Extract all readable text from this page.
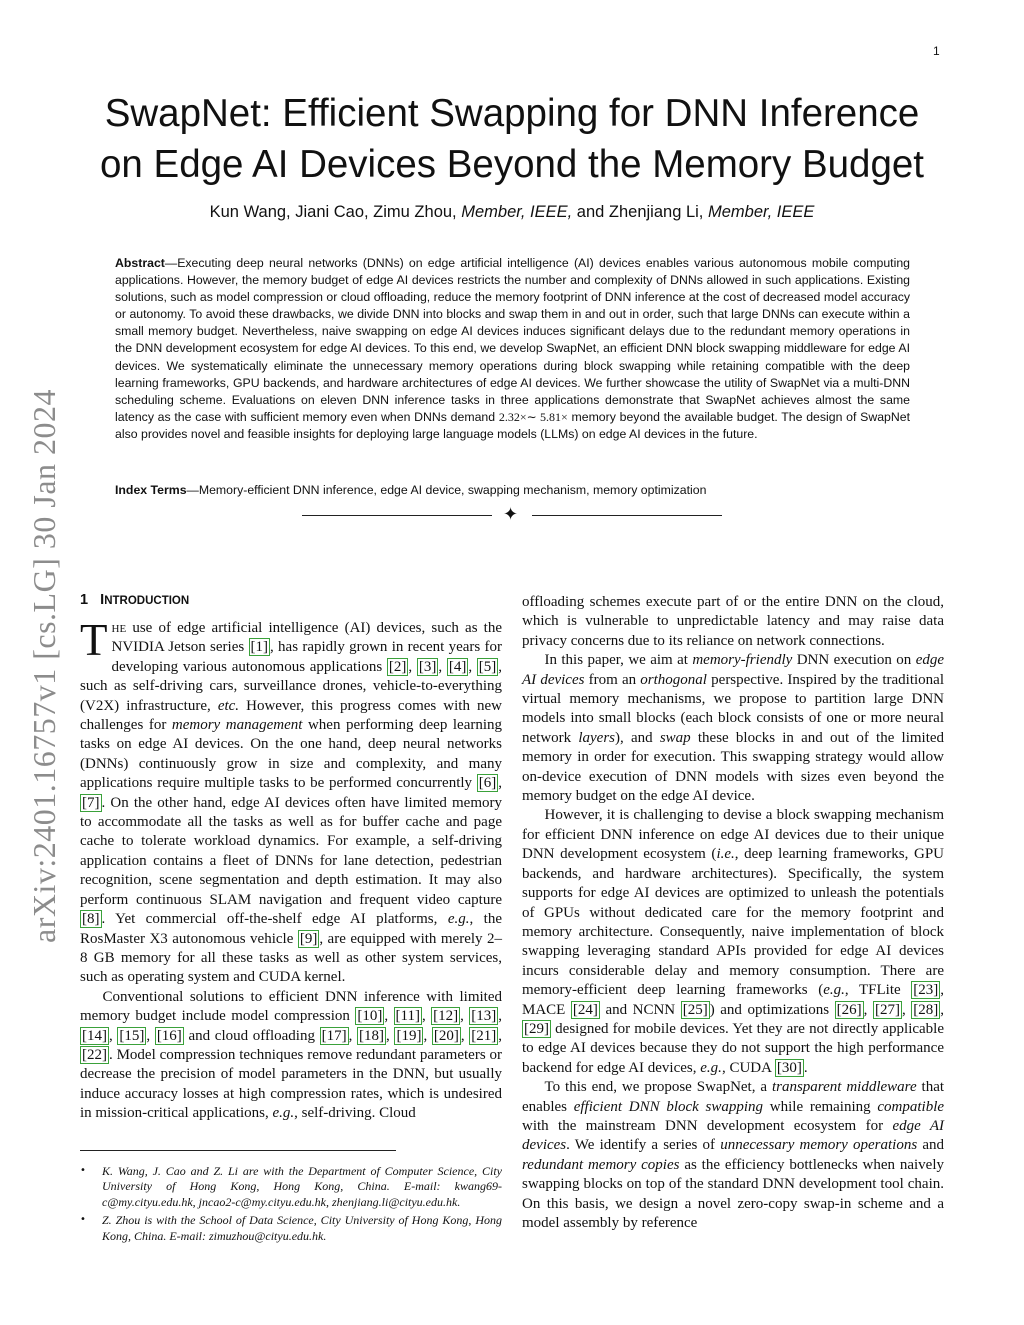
1
arXiv:2401.16757v1 [cs.LG] 30 Jan 2024
SwapNet: Efficient Swapping for DNN Inference
on Edge AI Devices Beyond the Memory Budget
Kun Wang, Jiani Cao, Zimu Zhou, Member, IEEE, and Zhenjiang Li, Member, IEEE

Abstract—Executing deep neural networks (DNNs) on edge artificial intelligence (AI) devices enables various autonomous mobile computing applications. However, the memory budget of edge AI devices restricts the number and complexity of DNNs allowed in such applications. Existing solutions, such as model compression or cloud offloading, reduce the memory footprint of DNN inference at the cost of decreased model accuracy or autonomy. To avoid these drawbacks, we divide DNN into blocks and swap them in and out in order, such that large DNNs can execute within a small memory budget. Nevertheless, naive swapping on edge AI devices induces significant delays due to the redundant memory operations in the DNN development ecosystem for edge AI devices. To this end, we develop SwapNet, an efficient DNN block swapping middleware for edge AI devices. We systematically eliminate the unnecessary memory operations during block swapping while retaining compatible with the deep learning frameworks, GPU backends, and hardware architectures of edge AI devices. We further showcase the utility of SwapNet via a multi-DNN scheduling scheme. Evaluations on eleven DNN inference tasks in three applications demonstrate that SwapNet achieves almost the same latency as the case with sufficient memory even when DNNs demand 2.32×∼ 5.81× memory beyond the available budget. The design of SwapNet also provides novel and feasible insights for deploying large language models (LLMs) on edge AI devices in the future.

Index Terms—Memory-efficient DNN inference, edge AI device, swapping mechanism, memory optimization

✦
1 INTRODUCTION

The use of edge artificial intelligence (AI) devices, such as the NVIDIA Jetson series [1] , has rapidly grown in recent years for developing various autonomous applications [2] , [3] , [4] , [5] , such as self-driving cars, surveillance drones, vehicle-to-everything (V2X) infrastructure, etc. However, this progress comes with new challenges for memory management when performing deep learning tasks on edge AI devices. On the one hand, deep neural networks (DNNs) continuously grow in size and complexity, and many applications require multiple tasks to be performed concurrently [6] , [7] . On the other hand, edge AI devices often have limited memory to accommodate all the tasks as well as for buffer cache and page cache to tolerate workload dynamics. For example, a self-driving application contains a fleet of DNNs for lane detection, pedestrian recognition, scene segmentation and depth estimation. It may also perform continuous SLAM navigation and frequent video capture [8] . Yet commercial off-the-shelf edge AI platforms, e.g., the RosMaster X3 autonomous vehicle [9] , are equipped with merely 2–8 GB memory for all these tasks as well as other system services, such as operating system and CUDA kernel.

Conventional solutions to efficient DNN inference with limited memory budget include model compression [10] , [11] , [12] , [13] , [14] , [15] , [16] and cloud offloading [17] , [18] , [19] , [20] , [21] , [22] . Model compression techniques remove redundant parameters or decrease the precision of model parameters in the DNN, but usually induce accuracy losses at high compression rates, which is undesired in mission-critical applications, e.g., self-driving. Cloud

offloading schemes execute part of or the entire DNN on the cloud, which is vulnerable to unpredictable latency and may raise data privacy concerns due to its reliance on network connections.

In this paper, we aim at memory-friendly DNN execution on edge AI devices from an orthogonal perspective. Inspired by the traditional virtual memory mechanisms, we propose to partition large DNN models into small blocks (each block consists of one or more neural network layers), and swap these blocks in and out of the limited memory in order for execution. This swapping strategy would allow on-device execution of DNN models with sizes even beyond the memory budget on the edge AI device.

However, it is challenging to devise a block swapping mechanism for efficient DNN inference on edge AI devices due to their unique DNN development ecosystem (i.e., deep learning frameworks, GPU backends, and hardware architectures). Specifically, the system supports for edge AI devices are optimized to unleash the potentials of GPUs without dedicated care for the memory footprint and memory architecture. Consequently, naive implementation of block swapping leveraging standard APIs provided for edge AI devices incurs considerable delay and memory consumption. There are memory-efficient deep learning frameworks (e.g., TFLite [23] , MACE [24] and NCNN [25] ) and optimizations [26] , [27] , [28] , [29] designed for mobile devices. Yet they are not directly applicable to edge AI devices because they do not support the high performance backend for edge AI devices, e.g., CUDA [30] .

To this end, we propose SwapNet, a transparent middleware that enables efficient DNN block swapping while remaining compatible with the mainstream DNN development ecosystem for edge AI devices. We identify a series of unnecessary memory operations and redundant memory copies as the efficiency bottlenecks when naively swapping blocks on top of the standard DNN development tool chain. On this basis, we design a novel zero-copy swap-in scheme and a model assembly by reference

• K. Wang, J. Cao and Z. Li are with the Department of Computer Science, City University of Hong Kong, Hong Kong, China. E-mail: kwang69-c@my.cityu.edu.hk, jncao2-c@my.cityu.edu.hk, zhenjiang.li@cityu.edu.hk.
• Z. Zhou is with the School of Data Science, City University of Hong Kong, Hong Kong, China. E-mail: zimuzhou@cityu.edu.hk.
